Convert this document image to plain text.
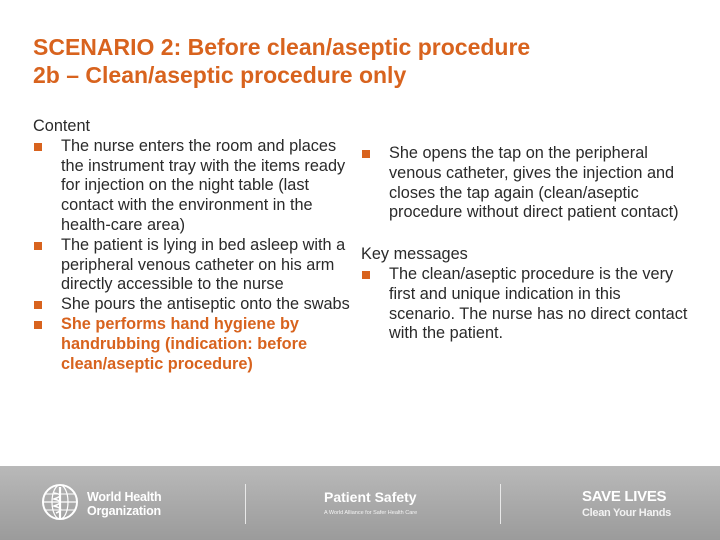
SCENARIO 2: Before clean/aseptic procedure
2b – Clean/aseptic procedure only
Content
The nurse enters the room and places the instrument tray with the items ready for injection on the night table (last contact with the environment in the health-care area)
The patient is lying in bed asleep with a peripheral venous catheter on his arm directly accessible to the nurse
She pours the antiseptic onto the swabs
She performs hand hygiene by handrubbing (indication: before clean/aseptic procedure)
She opens the tap on the peripheral venous catheter, gives the injection and closes the tap again (clean/aseptic procedure without direct patient contact)
Key messages
The clean/aseptic procedure is the very first and unique indication in this scenario. The nurse has no direct contact with the patient.
World Health
Organization
Patient Safety
A World Alliance for Safer Health Care
SAVE LIVES
Clean Your Hands
